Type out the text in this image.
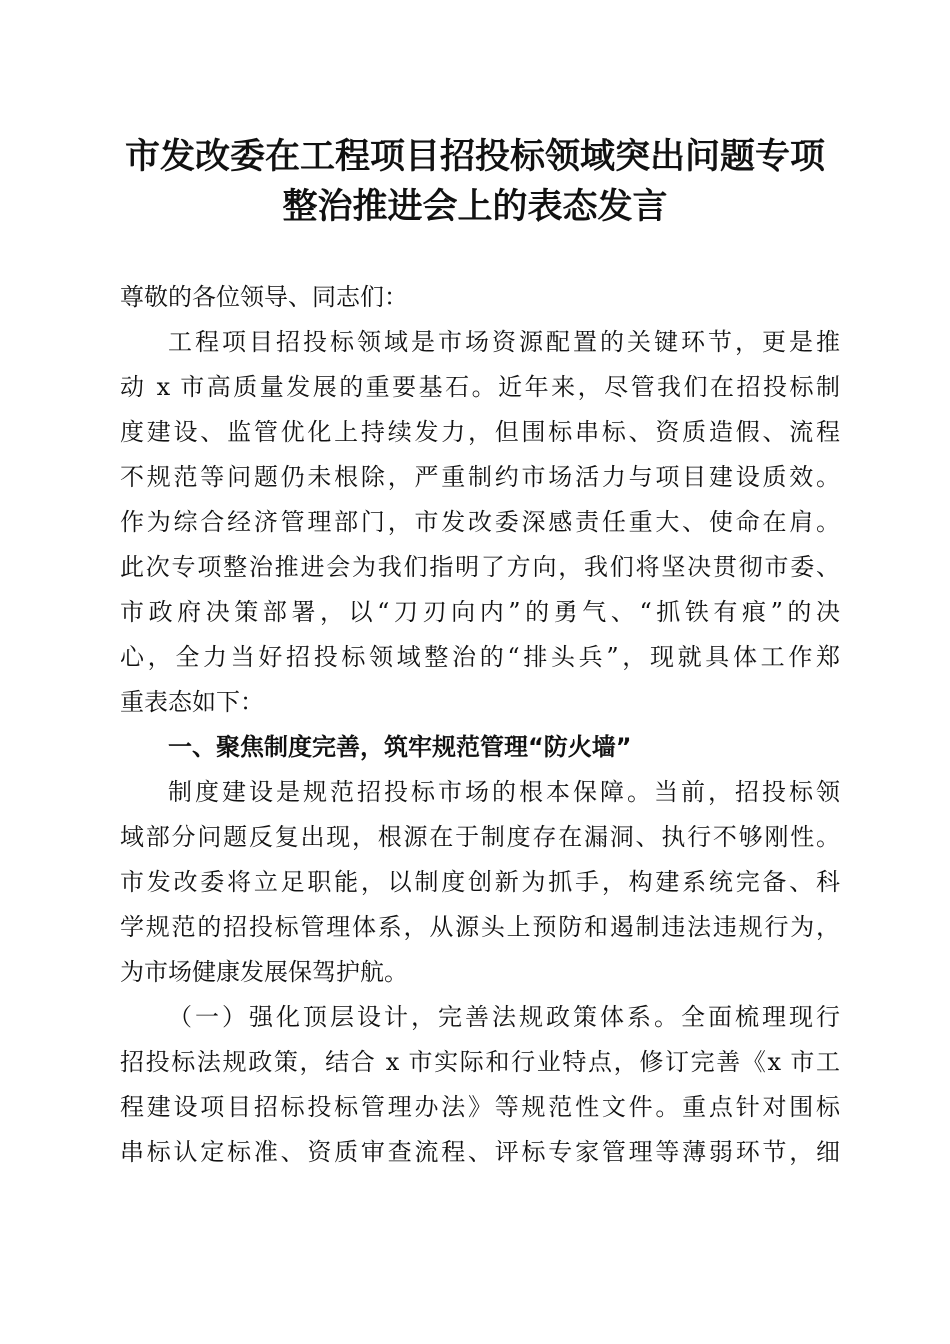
市发改委在工程项目招投标领域突出问题专项
整治推进会上的表态发言
尊敬的各位领导、同志们：
工程项目招投标领域是市场资源配置的关键环节，更是推
动 x 市高质量发展的重要基石。近年来，尽管我们在招投标制
度建设、监管优化上持续发力，但围标串标、资质造假、流程
不规范等问题仍未根除，严重制约市场活力与项目建设质效。
作为综合经济管理部门，市发改委深感责任重大、使命在肩。
此次专项整治推进会为我们指明了方向，我们将坚决贯彻市委、
市政府决策部署，以“刀刃向内”的勇气、“抓铁有痕”的决
心，全力当好招投标领域整治的“排头兵”，现就具体工作郑
重表态如下：
一、聚焦制度完善，筑牢规范管理“防火墙”
制度建设是规范招投标市场的根本保障。当前，招投标领
域部分问题反复出现，根源在于制度存在漏洞、执行不够刚性。
市发改委将立足职能，以制度创新为抓手，构建系统完备、科
学规范的招投标管理体系，从源头上预防和遏制违法违规行为，
为市场健康发展保驾护航。
（一）强化顶层设计，完善法规政策体系。全面梳理现行
招投标法规政策，结合 x 市实际和行业特点，修订完善《x 市工
程建设项目招标投标管理办法》等规范性文件。重点针对围标
串标认定标准、资质审查流程、评标专家管理等薄弱环节，细
